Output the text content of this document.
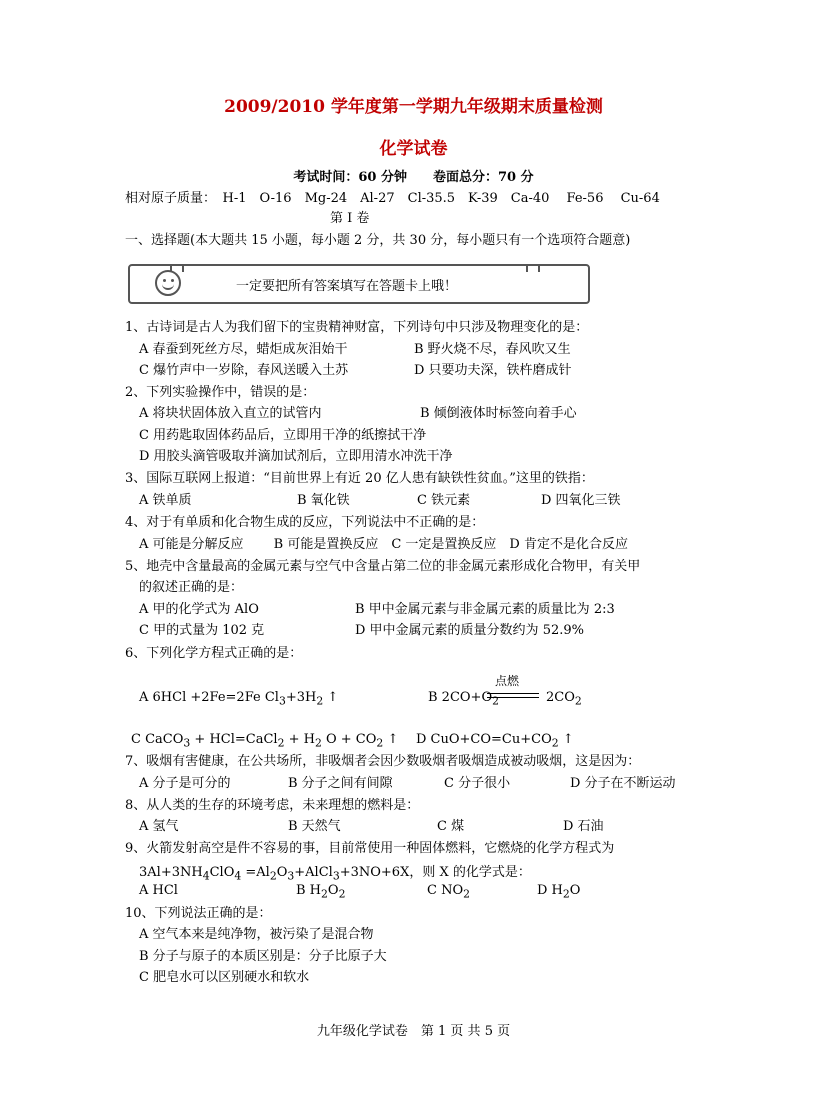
2009/2010 学年度第一学期九年级期末质量检测
化学试卷
考试时间：60 分钟　　卷面总分：70 分
相对原子质量：　H-1　O-16　Mg-24　Al-27　Cl-35.5　K-39　Ca-40　 Fe-56　 Cu-64
第 I 卷
一、选择题(本大题共 15 小题，每小题 2 分，共 30 分，每小题只有一个选项符合题意)
一定要把所有答案填写在答题卡上哦！
1、古诗词是古人为我们留下的宝贵精神财富，下列诗句中只涉及物理变化的是：
A 春蚕到死丝方尽，蜡炬成灰泪始干	B 野火烧不尽，春风吹又生
C 爆竹声中一岁除，春风送暖入土苏	D 只要功夫深，铁杵磨成针
2、下列实验操作中，错误的是：
A 将块状固体放入直立的试管内	B 倾倒液体时标签向着手心
C 用药匙取固体药品后，立即用干净的纸擦拭干净
D 用胶头滴管吸取并滴加试剂后，立即用清水冲洗干净
3、国际互联网上报道：“目前世界上有近 20 亿人患有缺铁性贫血。”这里的铁指：
A 铁单质	B 氧化铁	C 铁元素	D 四氧化三铁
4、对于有单质和化合物生成的反应，下列说法中不正确的是：
A 可能是分解反应　　 B 可能是置换反应　C 一定是置换反应　D 肯定不是化合反应
5、地壳中含量最高的金属元素与空气中含量占第二位的非金属元素形成化合物甲，有关甲
的叙述正确的是：
A 甲的化学式为 AlO	B 甲中金属元素与非金属元素的质量比为 2:3
C 甲的式量为 102 克	D 甲中金属元素的质量分数约为 52.9%
6、下列化学方程式正确的是：
A 6HCl +2Fe=2Fe $Cl_3+3H_2$ ↑	B $2CO+O_2$
点燃
$2CO_2$
C CaCO$_3$ + HCl=CaCl$_2$ + $H_2$ $O + CO_2$ ↑ D $CuO+CO=Cu+CO_2$ ↑
7、吸烟有害健康，在公共场所，非吸烟者会因少数吸烟者吸烟造成被动吸烟，这是因为：
A 分子是可分的	B 分子之间有间隙	C 分子很小	D 分子在不断运动
8、从人类的生存的环境考虑，未来理想的燃料是：
A 氢气	B 天然气	C 煤	D 石油
9、火箭发射高空是件不容易的事，目前常使用一种固体燃料，它燃烧的化学方程式为
$3Al+3NH_4ClO_4$ $=Al_2O_3+AlCl_3+3NO+6X$，则 X 的化学式是：
A HCl	B $H_2O_2$	C $NO_2$	D $H_2O$
10、下列说法正确的是：
A 空气本来是纯净物，被污染了是混合物
B 分子与原子的本质区别是：分子比原子大
C 肥皂水可以区别硬水和软水
九年级化学试卷　第 1 页 共 5 页
